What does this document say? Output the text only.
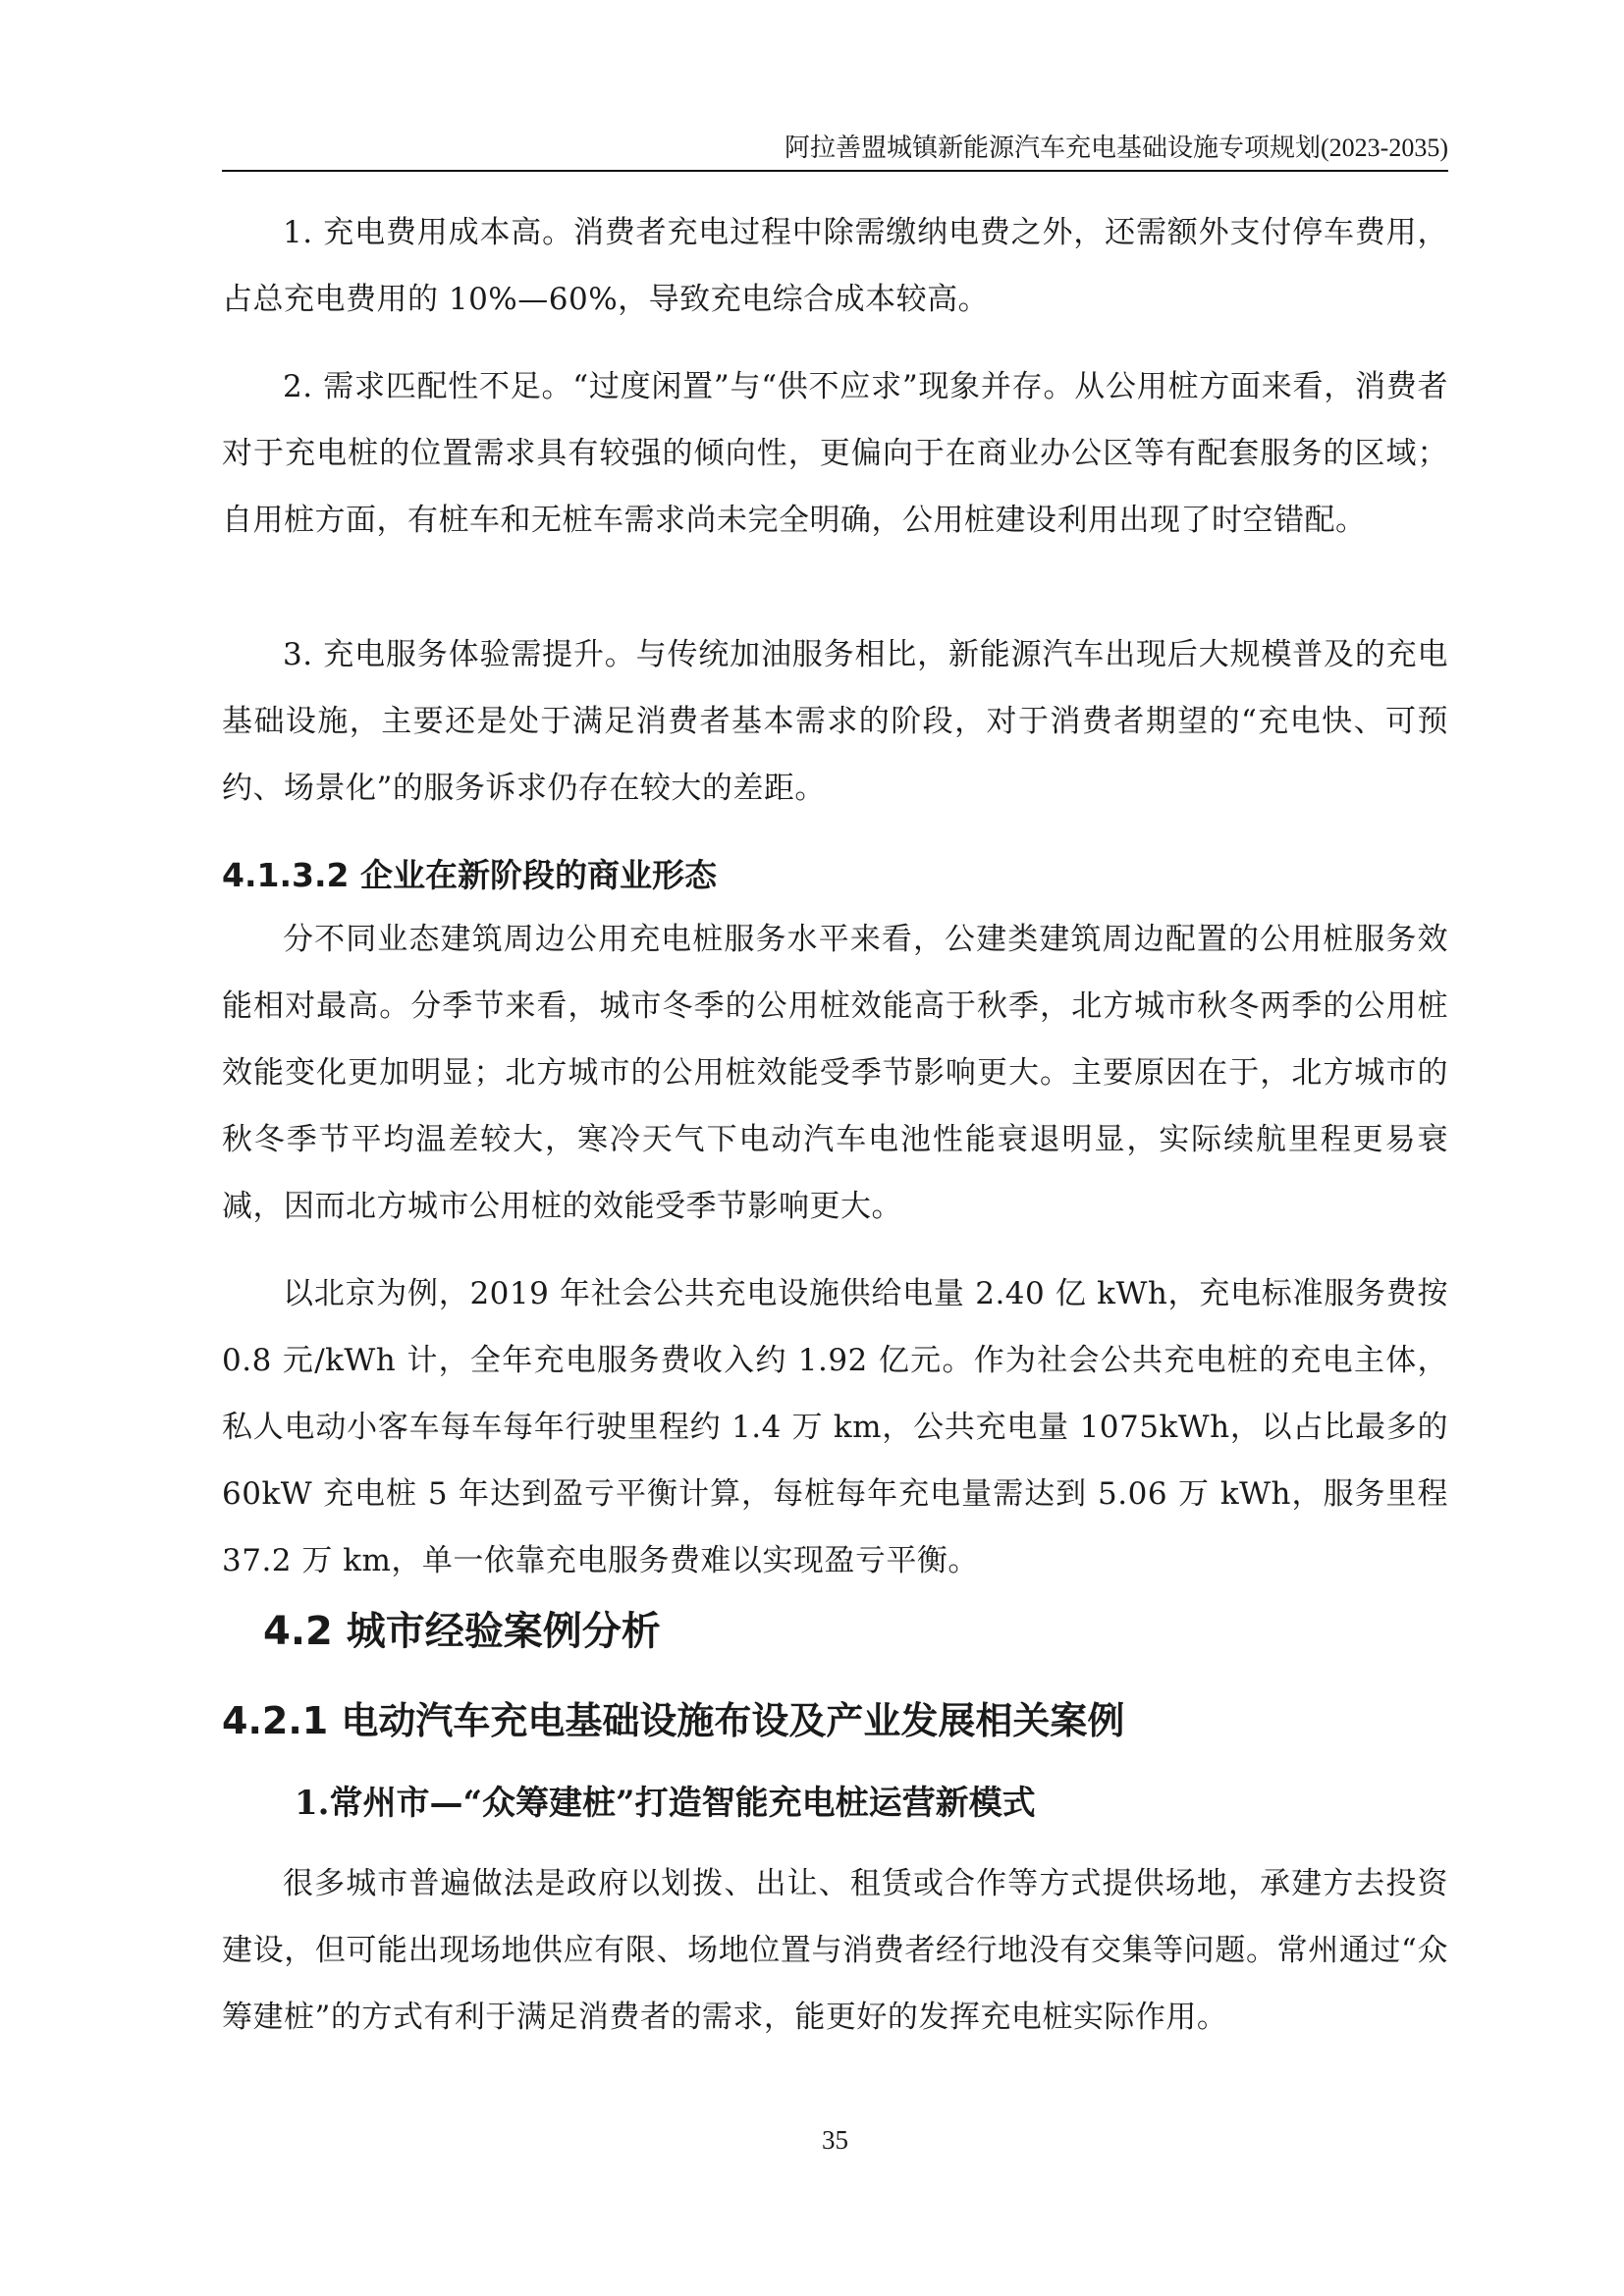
阿拉善盟城镇新能源汽车充电基础设施专项规划(2023-2035)

1. 充电费用成本高。消费者充电过程中除需缴纳电费之外，还需额外支付停车费用，占总充电费用的 10%—60%，导致充电综合成本较高。

2. 需求匹配性不足。“过度闲置”与“供不应求”现象并存。从公用桩方面来看，消费者对于充电桩的位置需求具有较强的倾向性，更偏向于在商业办公区等有配套服务的区域；自用桩方面，有桩车和无桩车需求尚未完全明确，公用桩建设利用出现了时空错配。

3. 充电服务体验需提升。与传统加油服务相比，新能源汽车出现后大规模普及的充电基础设施，主要还是处于满足消费者基本需求的阶段，对于消费者期望的“充电快、可预约、场景化”的服务诉求仍存在较大的差距。

4.1.3.2 企业在新阶段的商业形态

分不同业态建筑周边公用充电桩服务水平来看，公建类建筑周边配置的公用桩服务效能相对最高。分季节来看，城市冬季的公用桩效能高于秋季，北方城市秋冬两季的公用桩效能变化更加明显；北方城市的公用桩效能受季节影响更大。主要原因在于，北方城市的秋冬季节平均温差较大，寒冷天气下电动汽车电池性能衰退明显，实际续航里程更易衰减，因而北方城市公用桩的效能受季节影响更大。

以北京为例，2019 年社会公共充电设施供给电量 2.40 亿 kWh，充电标准服务费按 0.8 元/kWh 计，全年充电服务费收入约 1.92 亿元。作为社会公共充电桩的充电主体，私人电动小客车每车每年行驶里程约 1.4 万 km，公共充电量 1075kWh，以占比最多的 60kW 充电桩 5 年达到盈亏平衡计算，每桩每年充电量需达到 5.06 万 kWh，服务里程 37.2 万 km，单一依靠充电服务费难以实现盈亏平衡。

4.2 城市经验案例分析
4.2.1 电动汽车充电基础设施布设及产业发展相关案例
1.常州市—“众筹建桩”打造智能充电桩运营新模式

很多城市普遍做法是政府以划拨、出让、租赁或合作等方式提供场地，承建方去投资建设，但可能出现场地供应有限、场地位置与消费者经行地没有交集等问题。常州通过“众筹建桩”的方式有利于满足消费者的需求，能更好的发挥充电桩实际作用。

35
